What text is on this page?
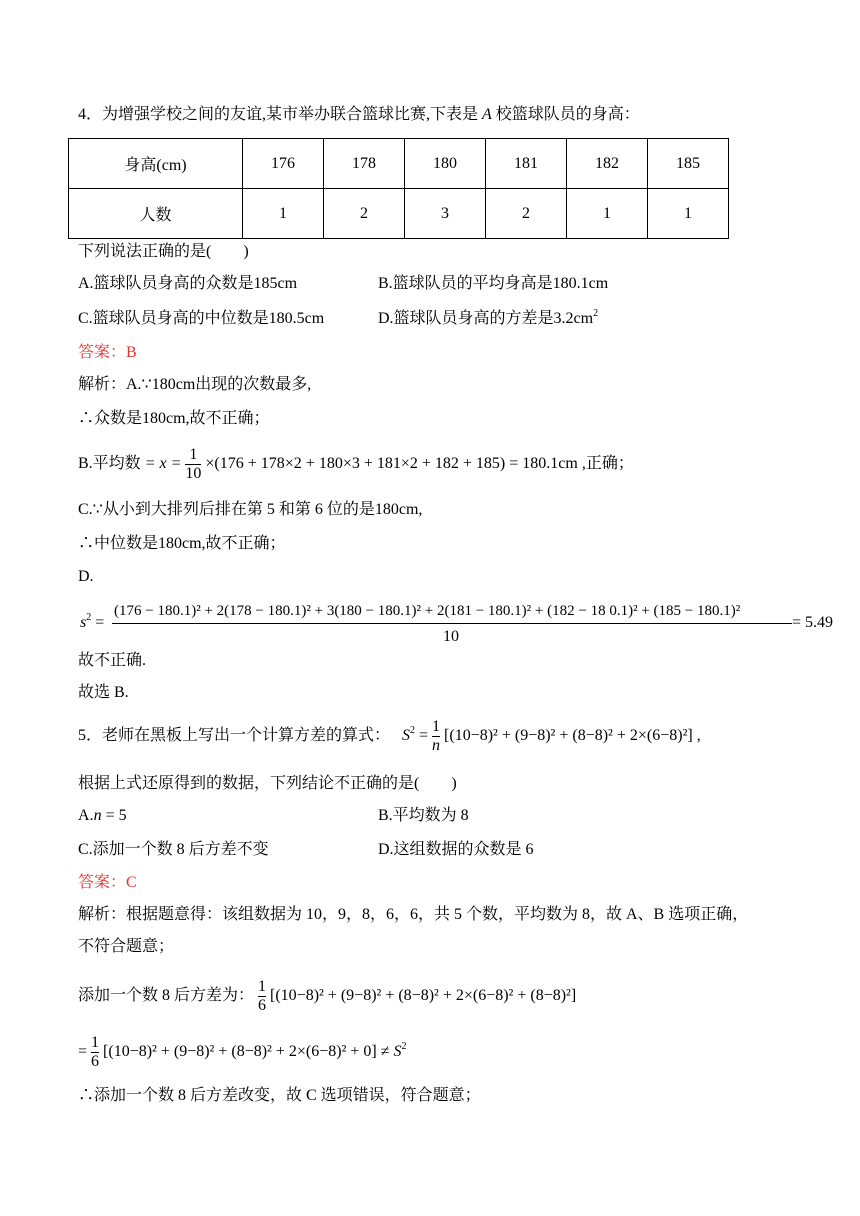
4．为增强学校之间的友谊,某市举办联合篮球比赛,下表是 A 校篮球队员的身高：
身高(cm)	176	178	180	181	182	185
人数	1	2	3	2	1	1
下列说法正确的是(　　)
A.篮球队员身高的众数是185cm	B.篮球队员的平均身高是180.1cm
C.篮球队员身高的中位数是180.5cm	D.篮球队员身高的方差是$3.2cm^2$
答案：B
解析：A.∵180cm出现的次数最多,
∴众数是180cm,故不正确；
B.平均数 = $x = \frac{1}{10} \times(176 + 178\times 2 + 180\times 3 + 181\times 2 + 182 + 185) = 180.1cm$ ,正确；
C.∵从小到大排列后排在第 5 和第 6 位的是180cm,
∴中位数是180cm,故不正确；
D.
$s^2$ =
(176 − 180.1)² + 2(178 − 180.1)² + 3(180 − 180.1)² + 2(181 − 180.1)² + (182 − 18 0.1)² + (185 − 180.1)²
10
= 5.49
故不正确.
故选 B.
5．老师在黑板上写出一个计算方差的算式： $S^2 = \frac{1}{n} [(10-8)^2 + (9-8)^2 + (8-8)^2 + 2\times(6-8)^2]$ ,
根据上式还原得到的数据，下列结论不正确的是(　　)
A.n = 5	B.平均数为 8
C.添加一个数 8 后方差不变	D.这组数据的众数是 6
答案：C
解析：根据题意得：该组数据为 10，9，8，6，6，共 5 个数，平均数为 8，故 A、B 选项正确，
不符合题意；
添加一个数 8 后方差为： $\frac{1}{6} [(10-8)^2 + (9-8)^2 + (8-8)^2 + 2\times(6-8)^2 + (8-8)^2]$
= $\frac{1}{6} [(10-8)^2 + (9-8)^2 + (8-8)^2 + 2\times(6-8)^2 + 0] \ne S^2$
∴添加一个数 8 后方差改变，故 C 选项错误，符合题意；
